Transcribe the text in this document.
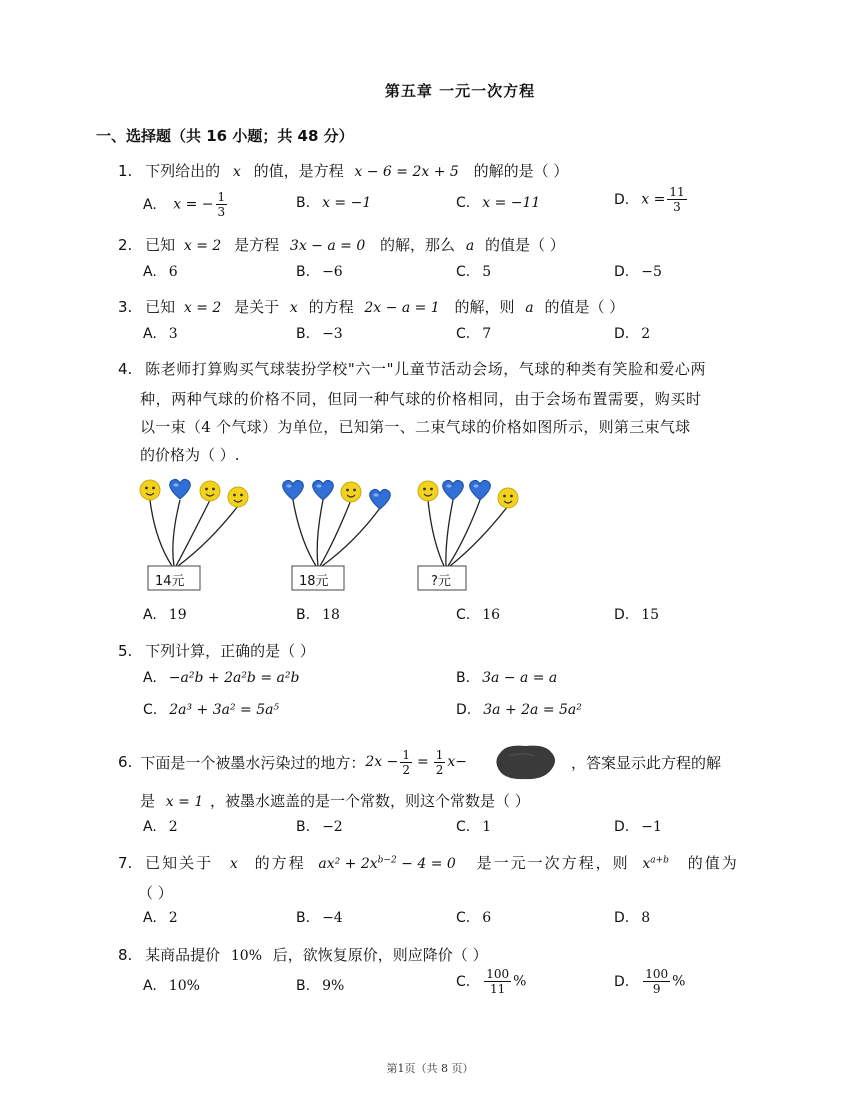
第五章 一元一次方程
一、选择题（共 16 小题；共 48 分）
1. 下列给出的 x 的值，是方程 x − 6 = 2x + 5 的解的是（ ）
A. x = − $\frac{1}{3}$	B. x = −1	C. x = −11	D. $x = \frac{11}{3}$
2. 已知 x = 2 是方程 3x − a = 0 的解，那么 a 的值是（ ）
A. 6	B. −6	C. 5	D. −5
3. 已知 x = 2 是关于 x 的方程 2x − a = 1 的解，则 a 的值是（ ）
A. 3	B. −3	C. 7	D. 2
4. 陈老师打算购买气球装扮学校"六一"儿童节活动会场，气球的种类有笑脸和爱心两
种，两种气球的价格不同，但同一种气球的价格相同，由于会场布置需要，购买时
以一束（4 个气球）为单位，已知第一、二束气球的价格如图所示，则第三束气球
的价格为（ ）.
14元	18元	?元
A. 19	B. 18	C. 16	D. 15
5. 下列计算，正确的是（ ）
A. −a²b + 2a²b = a²b	B. 3a − a = a
C. 2a³ + 3a² = 5a⁵	D. 3a + 2a = 5a²
6. 下面是一个被墨水污染过的地方： $2x - \frac{1}{2} = \frac{1}{2} x-$	，答案显示此方程的解
是 x = 1 ，被墨水遮盖的是一个常数，则这个常数是（ ）
A. 2	B. −2	C. 1	D. −1
7. 已知关于 x 的方程 $ax^2 + 2x^{b-2} - 4 = 0$ 是一元一次方程，则 $x^{a+b}$ 的值为
（ ）
A. 2	B. −4	C. 6	D. 8
8. 某商品提价 10% 后，欲恢复原价，则应降价（ ）
A. 10%	B. 9%	C. $\frac{100}{11}$ %	D. $\frac{100}{9}$ %
第1页（共 8 页）
